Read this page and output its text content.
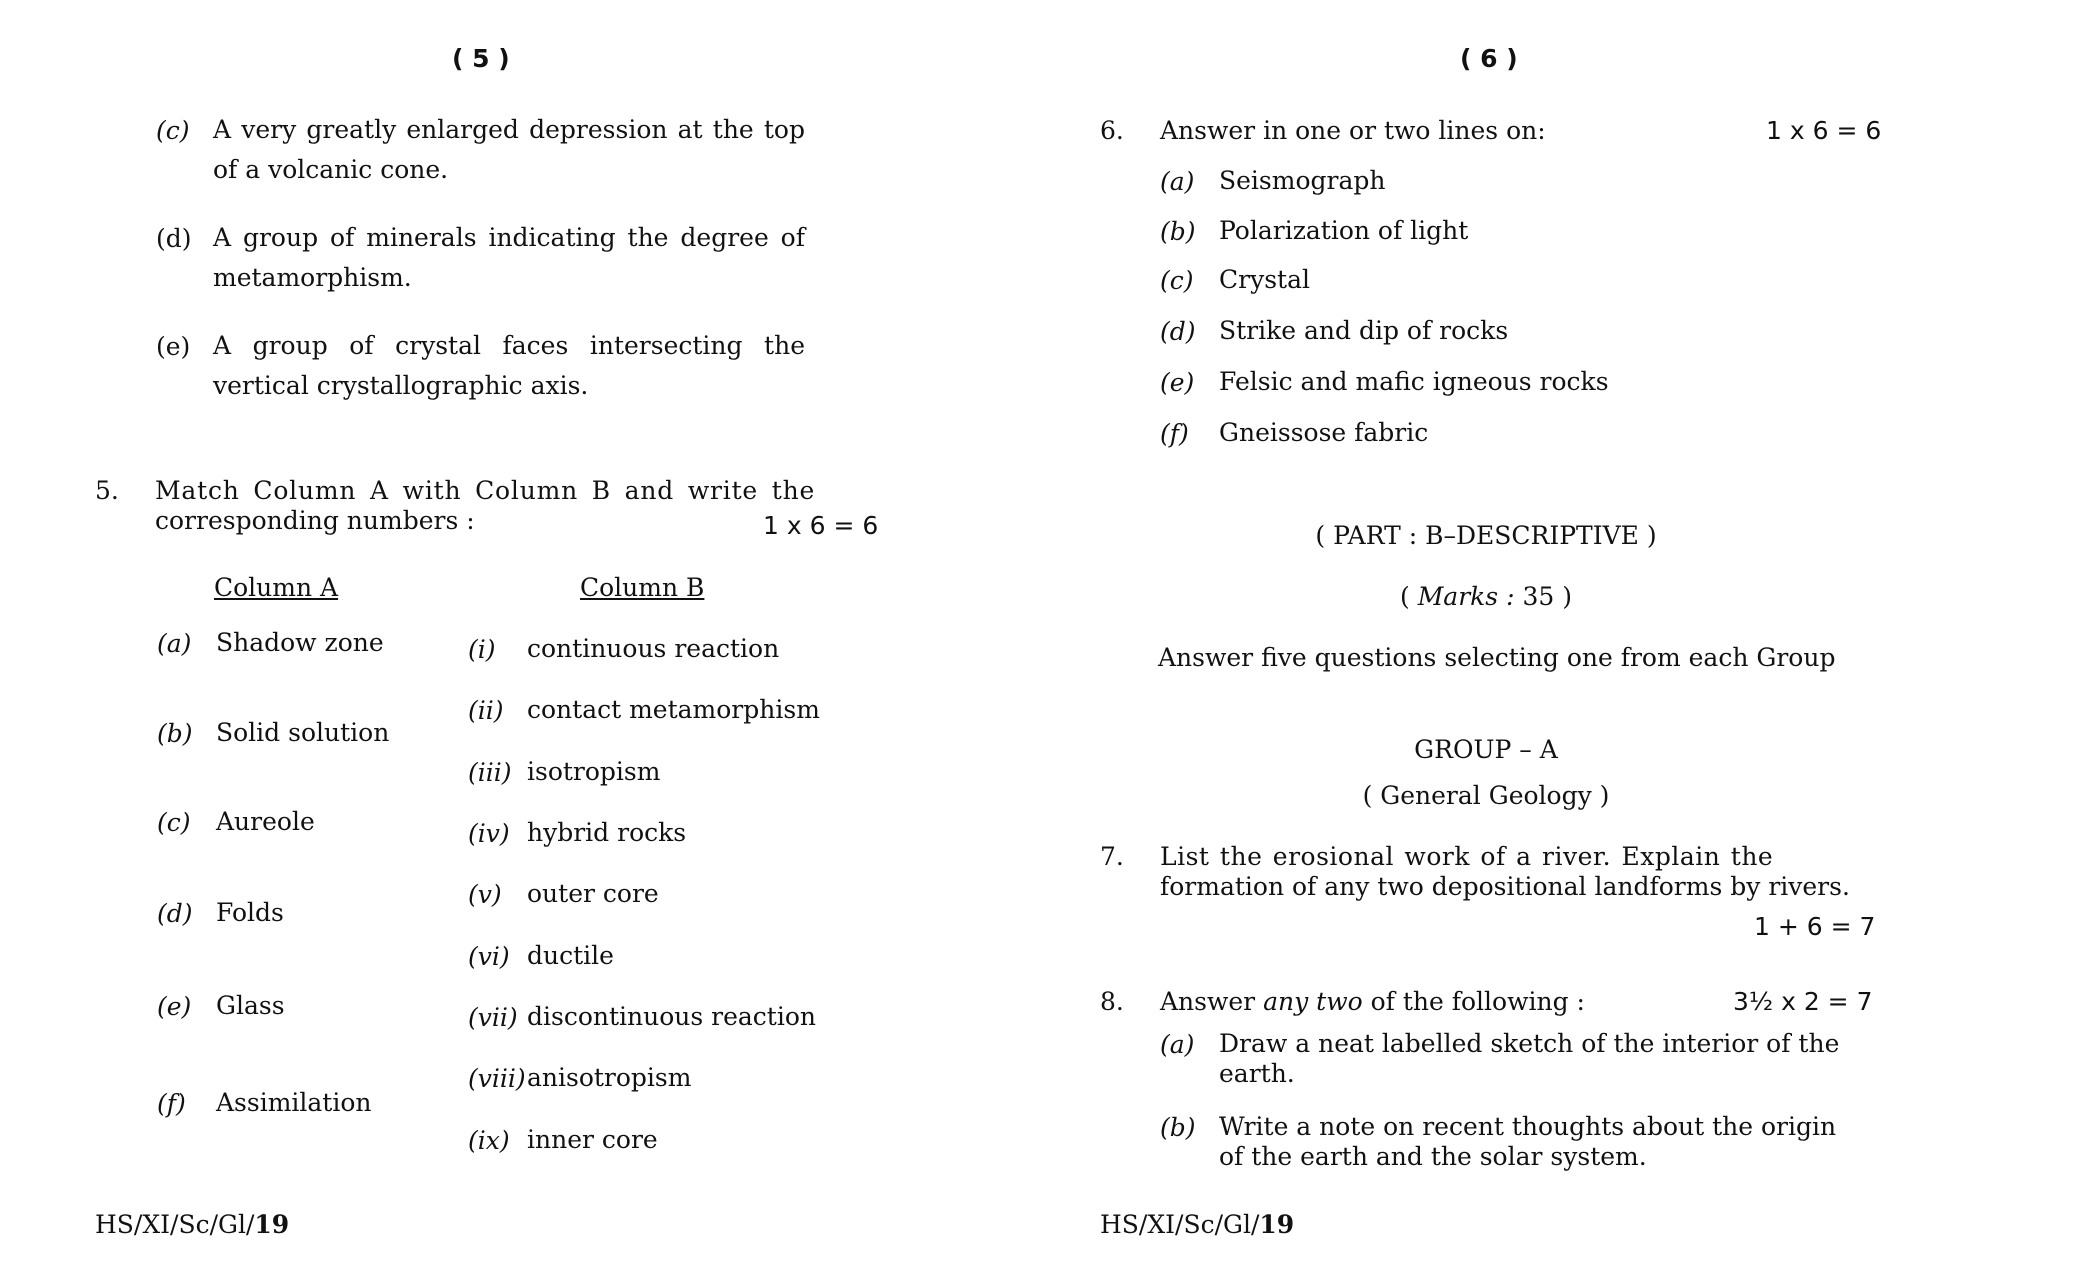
( 5 )
(c) A very greatly enlarged depression at the top of a volcanic cone.
(d) A group of minerals indicating the degree of metamorphism.
(e) A group of crystal faces intersecting the vertical crystallographic axis.
5. Match Column A with Column B and write the
corresponding numbers :	1 x 6 = 6
Column A	Column B
(a) Shadow zone
(b) Solid solution
(c) Aureole
(d) Folds
(e) Glass
(f) Assimilation
(i) continuous reaction
(ii) contact metamorphism
(iii) isotropism
(iv) hybrid rocks
(v) outer core
(vi) ductile
(vii) discontinuous reaction
(viii) anisotropism
(ix) inner core
HS/XI/Sc/Gl/19
( 6 )
6. Answer in one or two lines on:	1 x 6 = 6
(a) Seismograph
(b) Polarization of light
(c) Crystal
(d) Strike and dip of rocks
(e) Felsic and mafic igneous rocks
(f) Gneissose fabric
( PART : B–DESCRIPTIVE )
( Marks : 35 )
Answer five questions selecting one from each Group
GROUP – A
( General Geology )
7. List the erosional work of a river. Explain the
formation of any two depositional landforms by rivers.
1 + 6 = 7
8. Answer any two of the following :	3½ x 2 = 7
(a) Draw a neat labelled sketch of the interior of the
earth.
(b) Write a note on recent thoughts about the origin
of the earth and the solar system.
HS/XI/Sc/Gl/19
